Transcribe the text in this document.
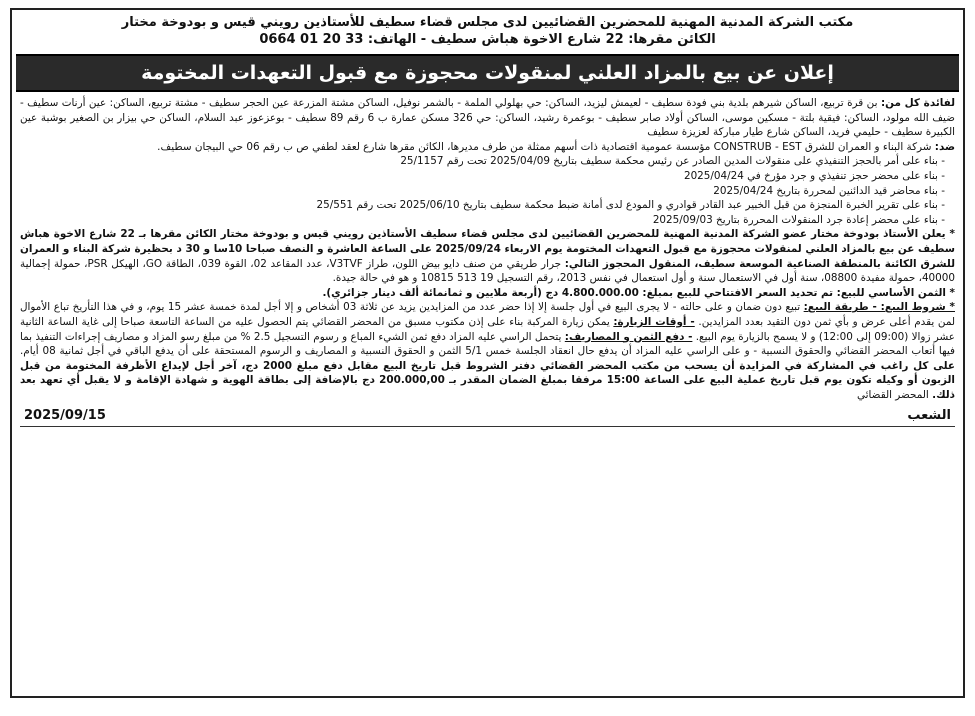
مكتب الشركة المدنية المهنية للمحضرين القضائيين لدى مجلس قضاء سطيف للأستاذين رويني قيس و بودوخة مختار
الكائن مقرها: 22 شارع الاخوة هباش سطيف - الهاتف: 33 20 01 0664
إعلان عن بيع بالمزاد العلني لمنقولات محجوزة مع قبول التعهدات المختومة

لفائدة كل من: بن قرة تربيع، الساكن شيرهم بلدية بني فودة سطيف - لعيمش ليزيد، الساكن: حي بهلولي الملمة - بالشمر نوفيل، الساكن مشتة المزرعة عين الحجر سطيف - مشتة تربيع، الساكن: عين أرنات سطيف - ضيف الله مولود، الساكن: فيقية بلتة - مسكين موسى، الساكن أولاد صابر سطيف - بوعمرة رشيد، الساكن: حي 326 مسكن عمارة ب 6 رقم 89 سطيف - بوعزعوز عبد السلام، الساكن حي بيزار بن الصغير بوشبة عين الكبيرة سطيف - حليمي فريد، الساكن شارع طيار مباركة لعزيزة سطيف

ضد: شركة البناء و العمران للشرق CONSTRUB - EST مؤسسة عمومية اقتصادية ذات أسهم ممثلة من طرف مديرها، الكائن مقرها شارع لعقد لطفي ص ب رقم 06 حي البيجان سطيف.

- بناء على أمر بالحجز التنفيذي على منقولات المدين الصادر عن رئيس محكمة سطيف بتاريخ 2025/04/09 تحت رقم 25/1157
- بناء على محضر حجز تنفيذي و جرد مؤرخ في 2025/04/24
- بناء محاضر قيد الدائنين لمحررة بتاريخ 2025/04/24
- بناء على تقرير الخبرة المنجزة من قبل الخبير عبد القادر قوادري و المودع لدى أمانة ضبط محكمة سطيف بتاريخ 2025/06/10 تحت رقم 25/551
- بناء على محضر إعادة جرد المنقولات المحررة بتاريخ 2025/09/03

* يعلن الأستاذ بودوخة مختار عضو الشركة المدنية المهنية للمحضرين القضائيين لدى مجلس قضاء سطيف الأستاذين رويني قيس و بودوخة مختار الكائن مقرها بـ 22 شارع الاخوة هباش سطيف عن بيع بالمزاد العلني لمنقولات محجوزة مع قبول التعهدات المختومة يوم الاربعاء 2025/09/24 على الساعة العاشرة و النصف صباحا 10سا و 30 د بحظيرة شركة البناء و العمران للشرق الكائنة بالمنطقة الصناعية الموسعة سطيف، المنقول المحجوز التالي: جرار طريقي من صنف دايو بيض اللون، طراز V3TVF، عدد المقاعد 02، القوة 039، الطاقة GO، الهيكل PSR، حمولة إجمالية 40000، حمولة مفيدة 08800، سنة أول في الاستعمال سنة و أول استعمال في نفس 2013، رقم التسجيل 19 513 10815 و هو في حالة جيدة.

* الثمن الأساسي للبيع: تم تحديد السعر الافتتاحي للبيع بمبلغ: 4.800.000.00 دج (أربعة ملايين و ثمانمائة ألف دينار جزائري).

* شروط البيع: - طريقة البيع: تبيع دون ضمان و على حالته - لا يجرى البيع في أول جلسة إلا إذا حضر عدد من المزايدين يزيد عن ثلاثة 03 أشخاص و إلا أجل لمدة خمسة عشر 15 يوم، و في هذا التأريخ تباع الأموال لمن يقدم أعلى عرض و بأي ثمن دون التقيد بعدد المزايدين. - أوقات الزيارة: يمكن زيارة المركبة بناء على إذن مكتوب مسبق من المحضر القضائي يتم الحصول عليه من الساعة التاسعة صباحا إلى غاية الساعة الثانية عشر زوالا (09:00 إلى 12:00) و لا يسمح بالزيارة يوم البيع. - دفع الثمن و المصاريف: يتحمل الراسي عليه المزاد دفع ثمن الشيء المباع و رسوم التسجيل 2.5 % من مبلغ رسو المزاد و مصاريف إجراءات التنفيذ بما فيها أتعاب المحضر القضائي والحقوق النسبية - و على الراسي عليه المزاد أن يدفع حال انعقاد الجلسة خمس 5/1 الثمن و الحقوق النسبية و المصاريف و الرسوم المستحقة على أن يدفع الباقي في أجل ثمانية 08 أيام. على كل راغب في المشاركة في المزايدة أن يسحب من مكتب المحضر القضائي دفتر الشروط قبل تاريخ البيع مقابل دفع مبلغ 2000 دج، آخر أجل لإيداع الأظرفة المختومة من قبل الزبون أو وكيله تكون يوم قبل تاريخ عملية البيع على الساعة 15:00 مرفقا بمبلغ الضمان المقدر بـ 200.000,00 دج بالإضافة إلى بطاقة الهوية و شهادة الإقامة و لا يقبل أي تعهد بعد ذلك. المحضر القضائي

الشعب
2025/09/15
